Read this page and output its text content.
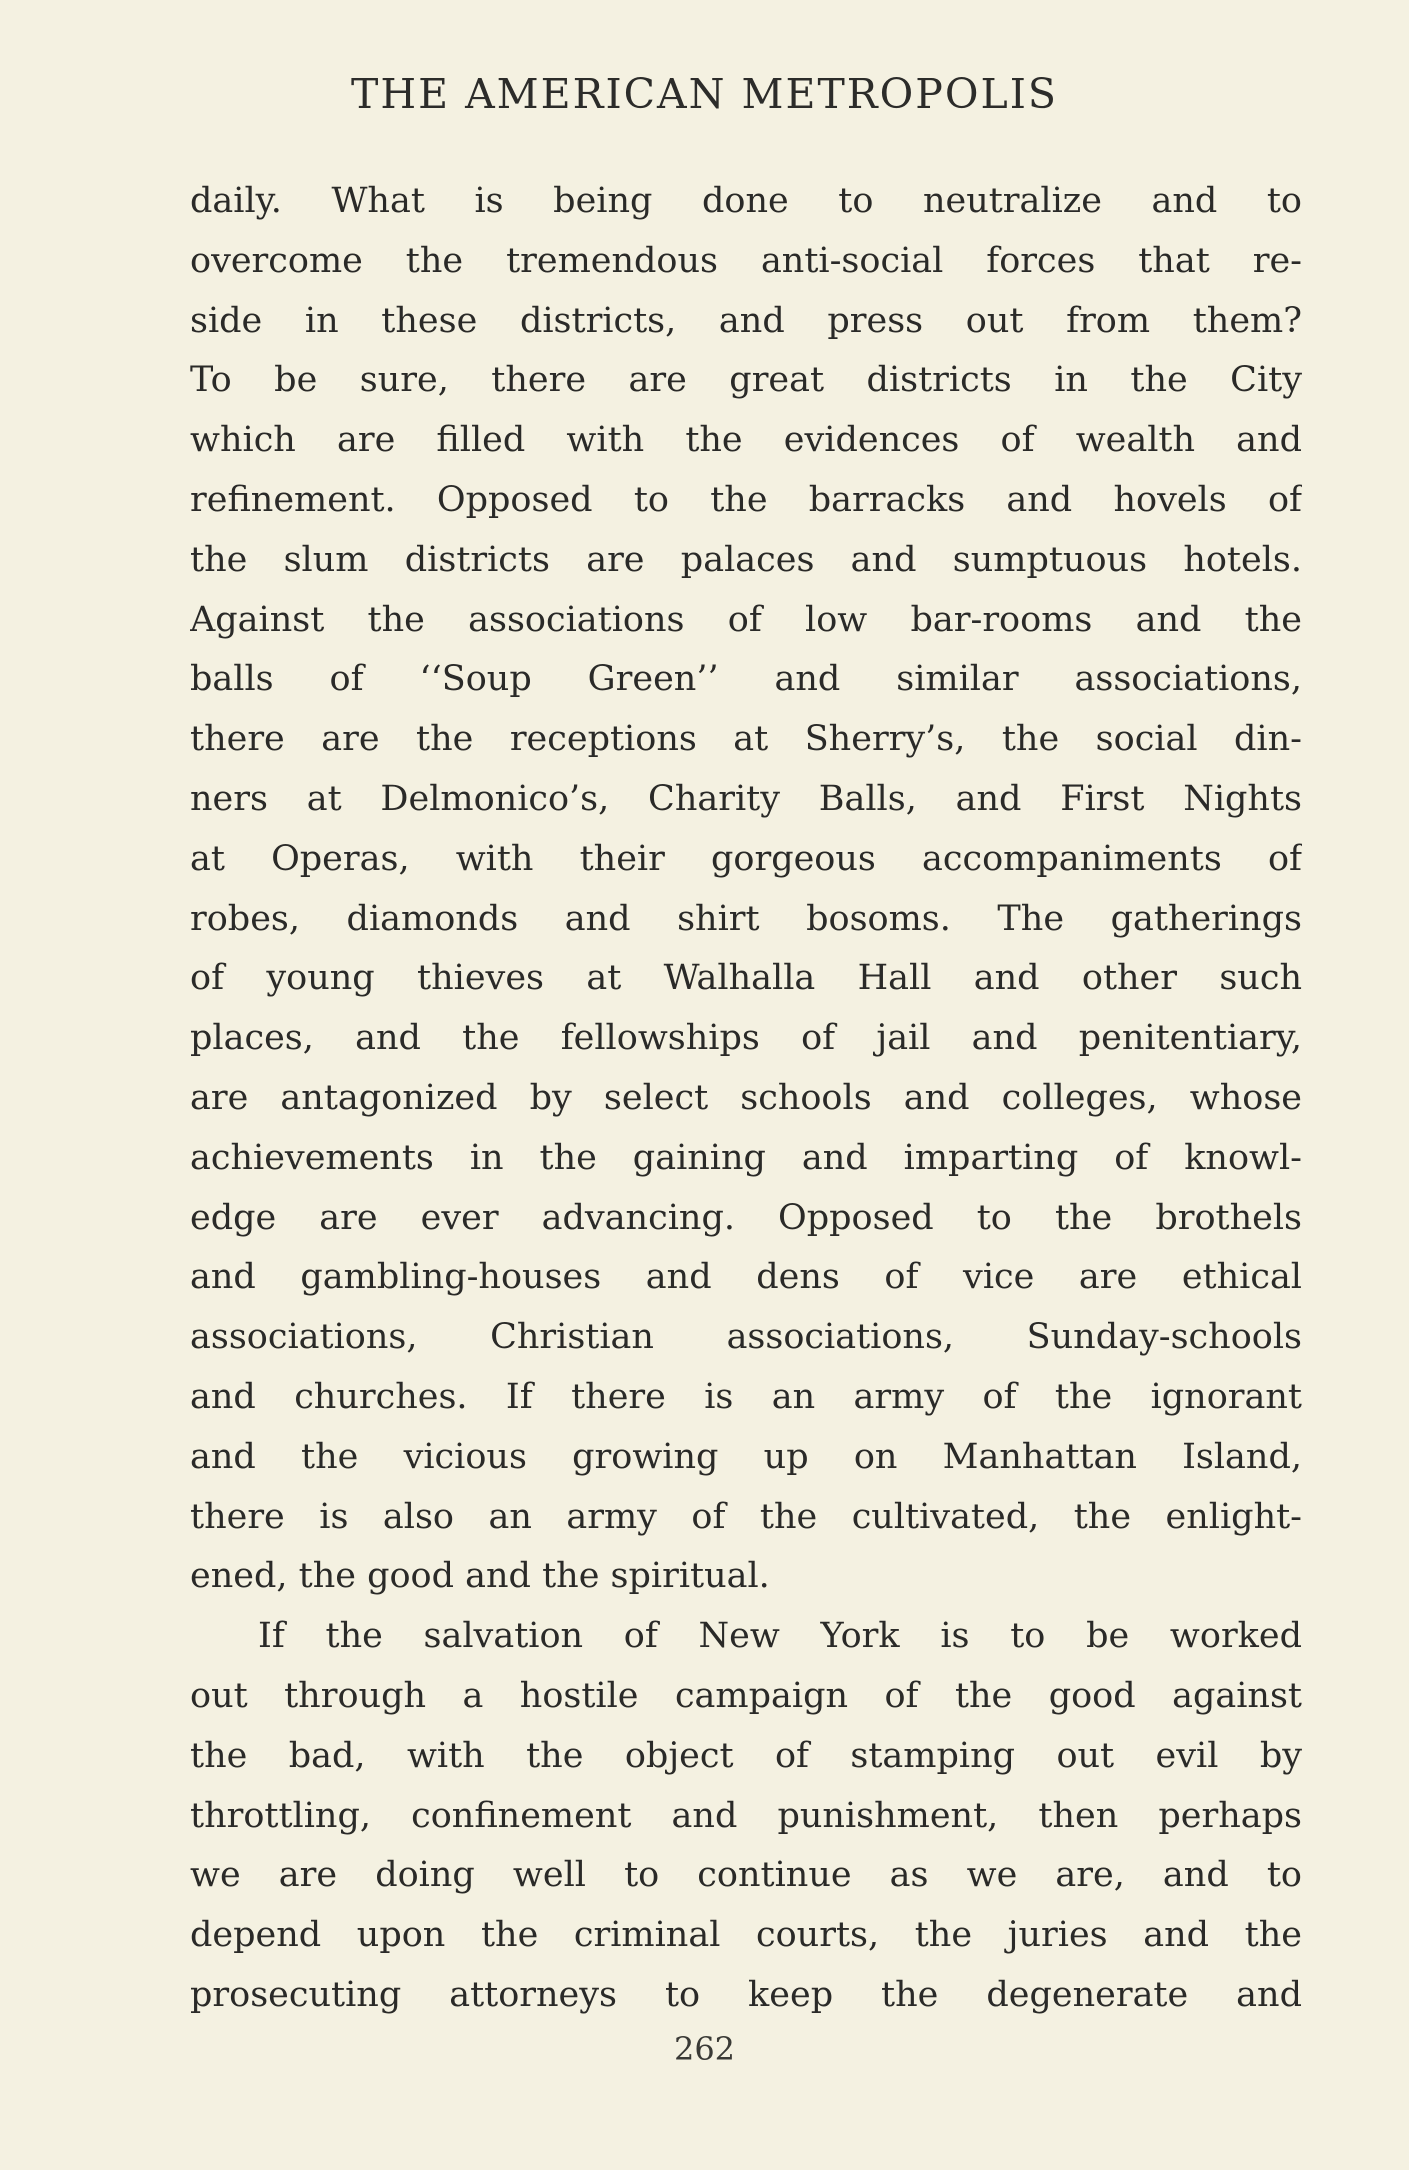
THE AMERICAN METROPOLIS
daily. What is being done to neutralize and to
overcome the tremendous anti-social forces that re-
side in these districts, and press out from them?
To be sure, there are great districts in the City
which are filled with the evidences of wealth and
refinement. Opposed to the barracks and hovels of
the slum districts are palaces and sumptuous hotels.
Against the associations of low bar-rooms and the
balls of ‘‘Soup Green’’ and similar associations,
there are the receptions at Sherry’s, the social din-
ners at Delmonico’s, Charity Balls, and First Nights
at Operas, with their gorgeous accompaniments of
robes, diamonds and shirt bosoms. The gatherings
of young thieves at Walhalla Hall and other such
places, and the fellowships of jail and penitentiary,
are antagonized by select schools and colleges, whose
achievements in the gaining and imparting of knowl-
edge are ever advancing. Opposed to the brothels
and gambling-houses and dens of vice are ethical
associations, Christian associations, Sunday-schools
and churches. If there is an army of the ignorant
and the vicious growing up on Manhattan Island,
there is also an army of the cultivated, the enlight-
ened, the good and the spiritual.
If the salvation of New York is to be worked
out through a hostile campaign of the good against
the bad, with the object of stamping out evil by
throttling, confinement and punishment, then perhaps
we are doing well to continue as we are, and to
depend upon the criminal courts, the juries and the
prosecuting attorneys to keep the degenerate and
262
